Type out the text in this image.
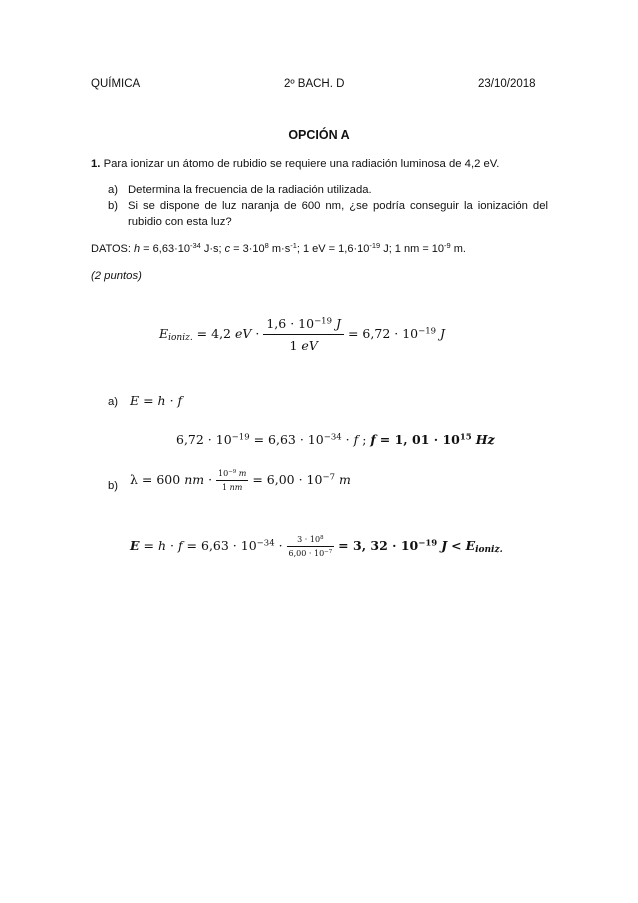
QUÍMICA	2º BACH. D	23/10/2018
OPCIÓN A
1. Para ionizar un átomo de rubidio se requiere una radiación luminosa de 4,2 eV.
a) Determina la frecuencia de la radiación utilizada.
b) Si se dispone de luz naranja de 600 nm, ¿se podría conseguir la ionización del
rubidio con esta luz?
DATOS: $h = 6,63\cdot 10^{-34}$ J·s; $c = 3\cdot 10^8$ $m\cdot s^{-1}$; 1 eV = $1,6\cdot 10^{-19}$ J; 1 nm = $10^{-9}$ m.
(2 puntos)
$E_{ioniz.} = 4,2$ eV · $\frac{1,6 \cdot 10^{-19} J}{1 eV} = 6,72 \cdot 10^{-19}$ J
a) E = h · f
$6,72 \cdot 10^{-19} = 6,63 \cdot 10^{-34} \cdot f$ ; f = 1, $01 \cdot 10^{15}$ Hz
b) λ = 600 nm · $\frac{10^{-9} m}{1 nm} = 6,00 \cdot 10^{-7}$ m
$E = h \cdot f = 6,63 \cdot 10^{-34} \cdot \frac{3 \cdot 10^8}{6,00 \cdot 10^{-7}} = 3$, $32 \cdot 10^{-19}$ $J < E_{ioniz.}$
